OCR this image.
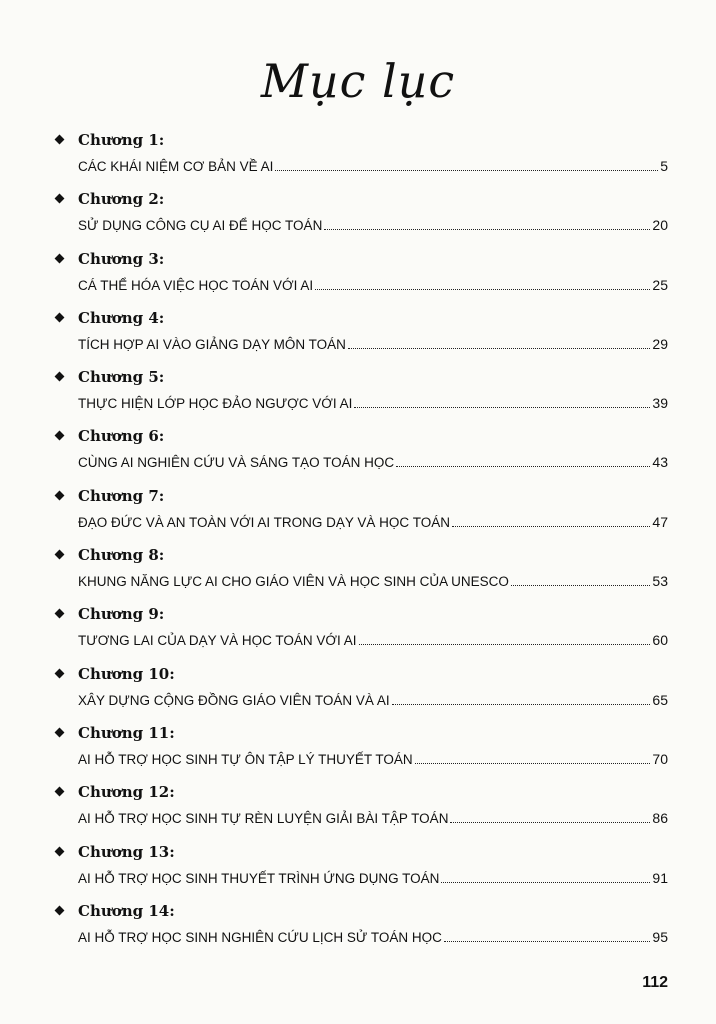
Mục lục
Chương 1:
CÁC KHÁI NIỆM CƠ BẢN VỀ AI	5
Chương 2:
SỬ DỤNG CÔNG CỤ AI ĐỂ HỌC TOÁN	20
Chương 3:
CÁ THỂ HÓA VIỆC HỌC TOÁN VỚI AI	25
Chương 4:
TÍCH HỢP AI VÀO GIẢNG DẠY MÔN TOÁN	29
Chương 5:
THỰC HIỆN LỚP HỌC ĐẢO NGƯỢC VỚI AI	39
Chương 6:
CÙNG AI NGHIÊN CỨU VÀ SÁNG TẠO TOÁN HỌC	43
Chương 7:
ĐẠO ĐỨC VÀ AN TOÀN VỚI AI TRONG DẠY VÀ HỌC TOÁN	47
Chương 8:
KHUNG NĂNG LỰC AI CHO GIÁO VIÊN VÀ HỌC SINH CỦA UNESCO	53
Chương 9:
TƯƠNG LAI CỦA DẠY VÀ HỌC TOÁN VỚI AI	60
Chương 10:
XÂY DỰNG CỘNG ĐỒNG GIÁO VIÊN TOÁN VÀ AI	65
Chương 11:
AI HỖ TRỢ HỌC SINH TỰ ÔN TẬP LÝ THUYẾT TOÁN	70
Chương 12:
AI HỖ TRỢ HỌC SINH TỰ RÈN LUYỆN GIẢI BÀI TẬP TOÁN	86
Chương 13:
AI HỖ TRỢ HỌC SINH THUYẾT TRÌNH ỨNG DỤNG TOÁN	91
Chương 14:
AI HỖ TRỢ HỌC SINH NGHIÊN CỨU LỊCH SỬ TOÁN HỌC	95
112
